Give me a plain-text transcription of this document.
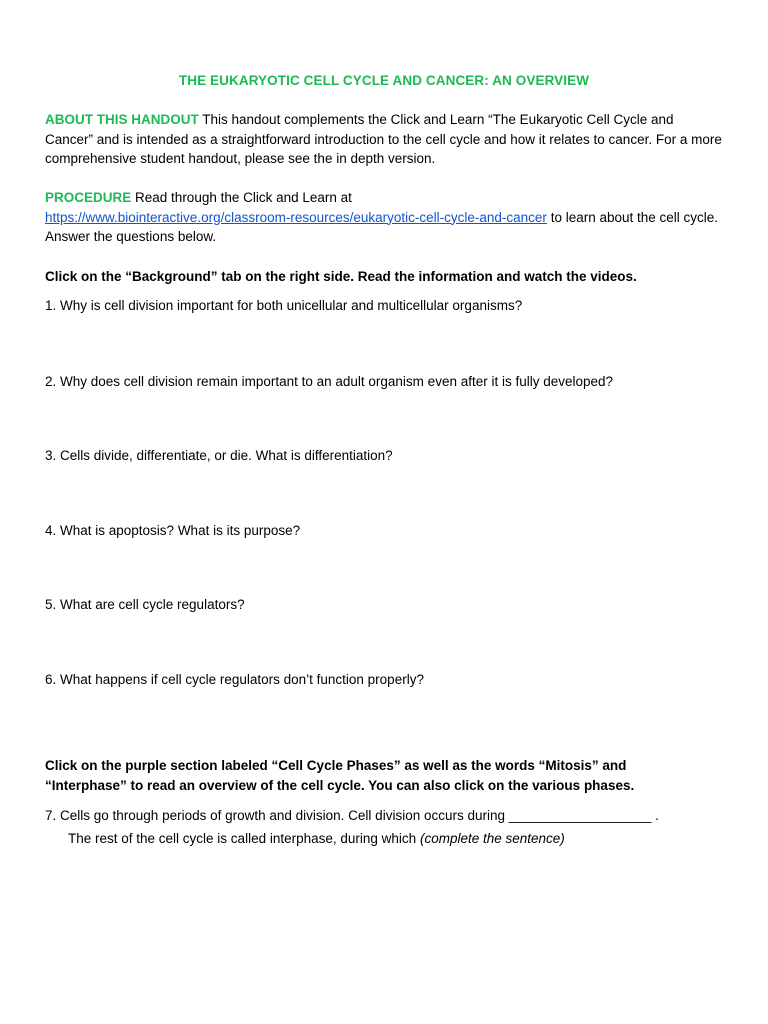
THE EUKARYOTIC CELL CYCLE AND CANCER: AN OVERVIEW
ABOUT THIS HANDOUT This handout complements the Click and Learn “The Eukaryotic Cell Cycle and Cancer” and is intended as a straightforward introduction to the cell cycle and how it relates to cancer. For a more comprehensive student handout, please see the in depth version.
PROCEDURE Read through the Click and Learn at
https://www.biointeractive.org/classroom-resources/eukaryotic-cell-cycle-and-cancer to learn about the cell cycle. Answer the questions below.
Click on the “Background” tab on the right side. Read the information and watch the videos.
1. Why is cell division important for both unicellular and multicellular organisms?
2. Why does cell division remain important to an adult organism even after it is fully developed?
3. Cells divide, differentiate, or die. What is differentiation?
4. What is apoptosis? What is its purpose?
5. What are cell cycle regulators?
6. What happens if cell cycle regulators don’t function properly?
Click on the purple section labeled “Cell Cycle Phases” as well as the words “Mitosis” and “Interphase” to read an overview of the cell cycle. You can also click on the various phases.
7. Cells go through periods of growth and division. Cell division occurs during ___________________ .
The rest of the cell cycle is called interphase, during which (complete the sentence)
